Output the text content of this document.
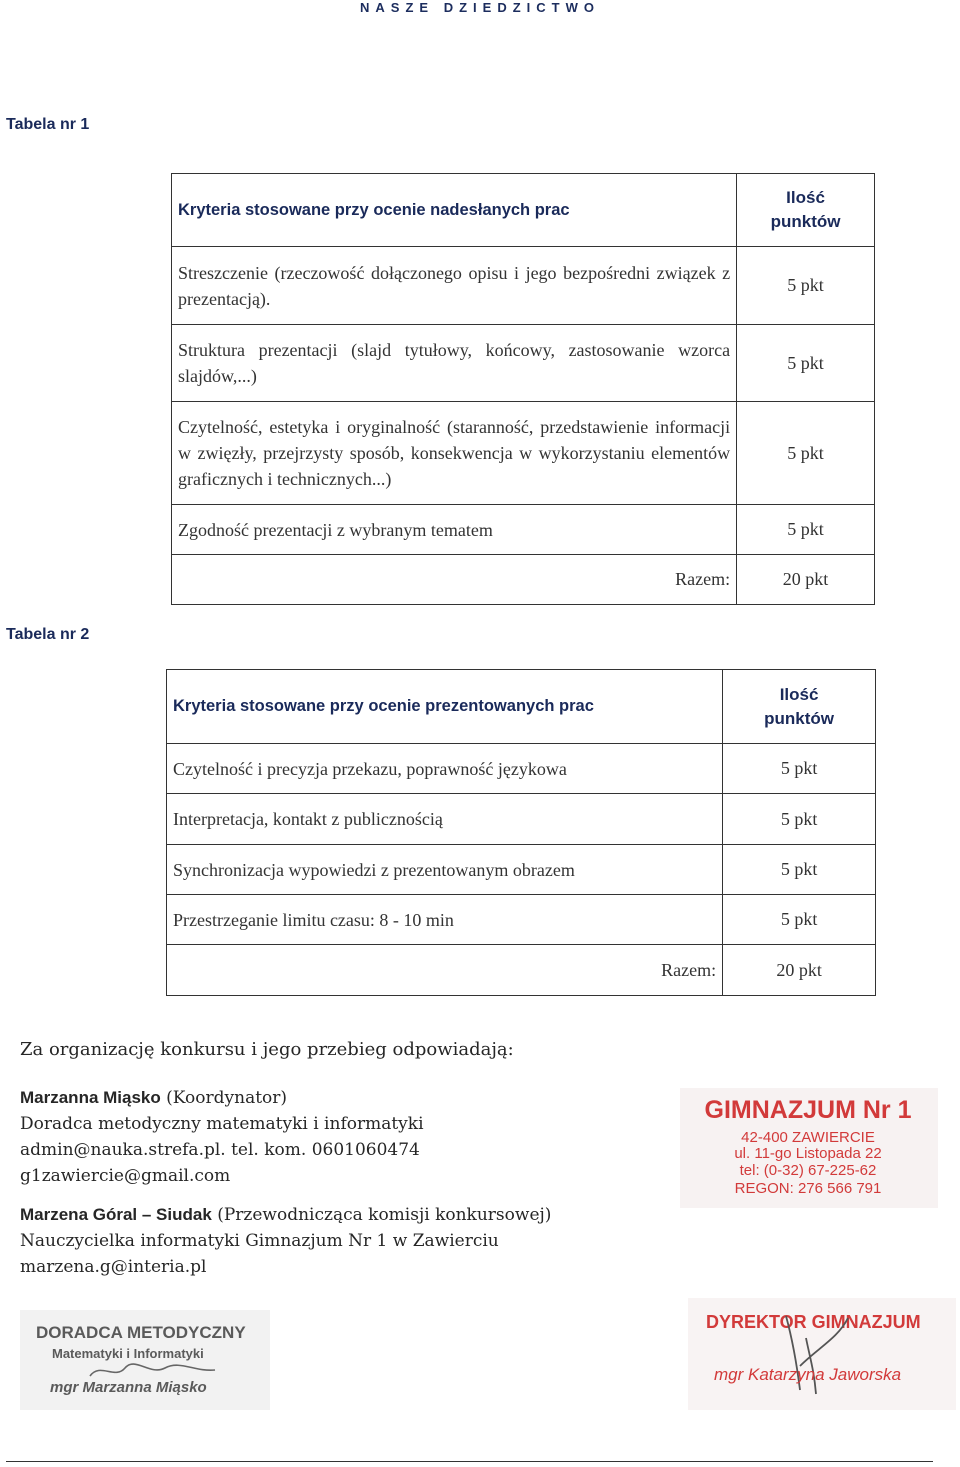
NASZE DZIEDZICTWO
Tabela nr 1
Kryteria stosowane przy ocenie nadesłanych prac	Ilość
punktów
Streszczenie (rzeczowość dołączonego opisu i jego bezpośredni związek z prezentacją).	5 pkt
Struktura prezentacji (slajd tytułowy, końcowy, zastosowanie wzorca slajdów,...)	5 pkt
Czytelność, estetyka i oryginalność (staranność, przedstawienie informacji w zwięzły, przejrzysty sposób, konsekwencja w wykorzystaniu elementów graficznych i technicznych...)	5 pkt
Zgodność prezentacji z wybranym tematem	5 pkt
Razem:	20 pkt
Tabela nr 2
Kryteria stosowane przy ocenie prezentowanych prac	Ilość
punktów
Czytelność i precyzja przekazu, poprawność językowa	5 pkt
Interpretacja, kontakt z publicznością	5 pkt
Synchronizacja wypowiedzi z prezentowanym obrazem	5 pkt
Przestrzeganie limitu czasu: 8 - 10 min	5 pkt
Razem:	20 pkt
Za organizację konkursu i jego przebieg odpowiadają:
Marzanna Miąsko (Koordynator)
Doradca metodyczny matematyki i informatyki
admin@nauka.strefa.pl. tel. kom. 0601060474
g1zawiercie@gmail.com
Marzena Góral – Siudak (Przewodnicząca komisji konkursowej)
Nauczycielka informatyki Gimnazjum Nr 1 w Zawierciu
marzena.g@interia.pl
GIMNAZJUM Nr 1
42-400 ZAWIERCIE
ul. 11-go Listopada 22
tel: (0-32) 67-225-62
REGON: 276 566 791
DORADCA METODYCZNY
Matematyki i Informatyki
mgr Marzanna Miąsko
DYREKTOR GIMNAZJUM
mgr Katarzyna Jaworska
